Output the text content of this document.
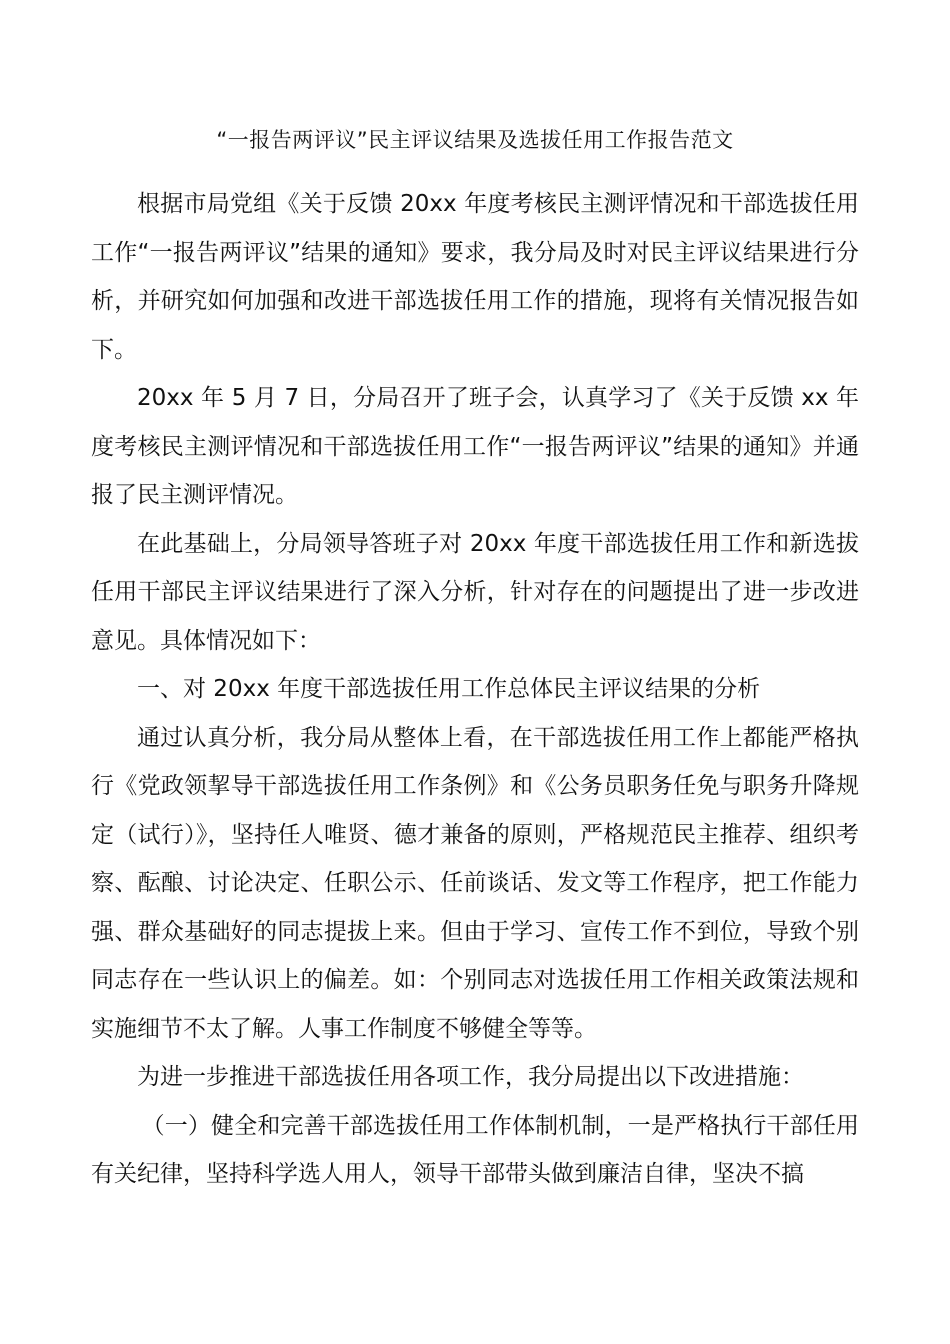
“一报告两评议”民主评议结果及选拔任用工作报告范文

根据市局党组《关于反馈 20xx 年度考核民主测评情况和干部选拔任用工作“一报告两评议”结果的通知》要求，我分局及时对民主评议结果进行分析，并研究如何加强和改进干部选拔任用工作的措施，现将有关情况报告如下。

20xx 年 5 月 7 日，分局召开了班子会，认真学习了《关于反馈 xx 年度考核民主测评情况和干部选拔任用工作“一报告两评议”结果的通知》并通报了民主测评情况。

在此基础上，分局领导答班子对 20xx 年度干部选拔任用工作和新选拔任用干部民主评议结果进行了深入分析，针对存在的问题提出了进一步改进意见。具体情况如下：

一、对 20xx 年度干部选拔任用工作总体民主评议结果的分析

通过认真分析，我分局从整体上看，在干部选拔任用工作上都能严格执行《党政领挈导干部选拔任用工作条例》和《公务员职务任免与职务升降规定（试行）》，坚持任人唯贤、德才兼备的原则，严格规范民主推荐、组织考察、酝酿、讨论决定、任职公示、任前谈话、发文等工作程序，把工作能力强、群众基础好的同志提拔上来。但由于学习、宣传工作不到位，导致个别同志存在一些认识上的偏差。如：个别同志对选拔任用工作相关政策法规和实施细节不太了解。人事工作制度不够健全等等。

为进一步推进干部选拔任用各项工作，我分局提出以下改进措施：

（一）健全和完善干部选拔任用工作体制机制，一是严格执行干部任用有关纪律，坚持科学选人用人，领导干部带头做到廉洁自律，坚决不搞
